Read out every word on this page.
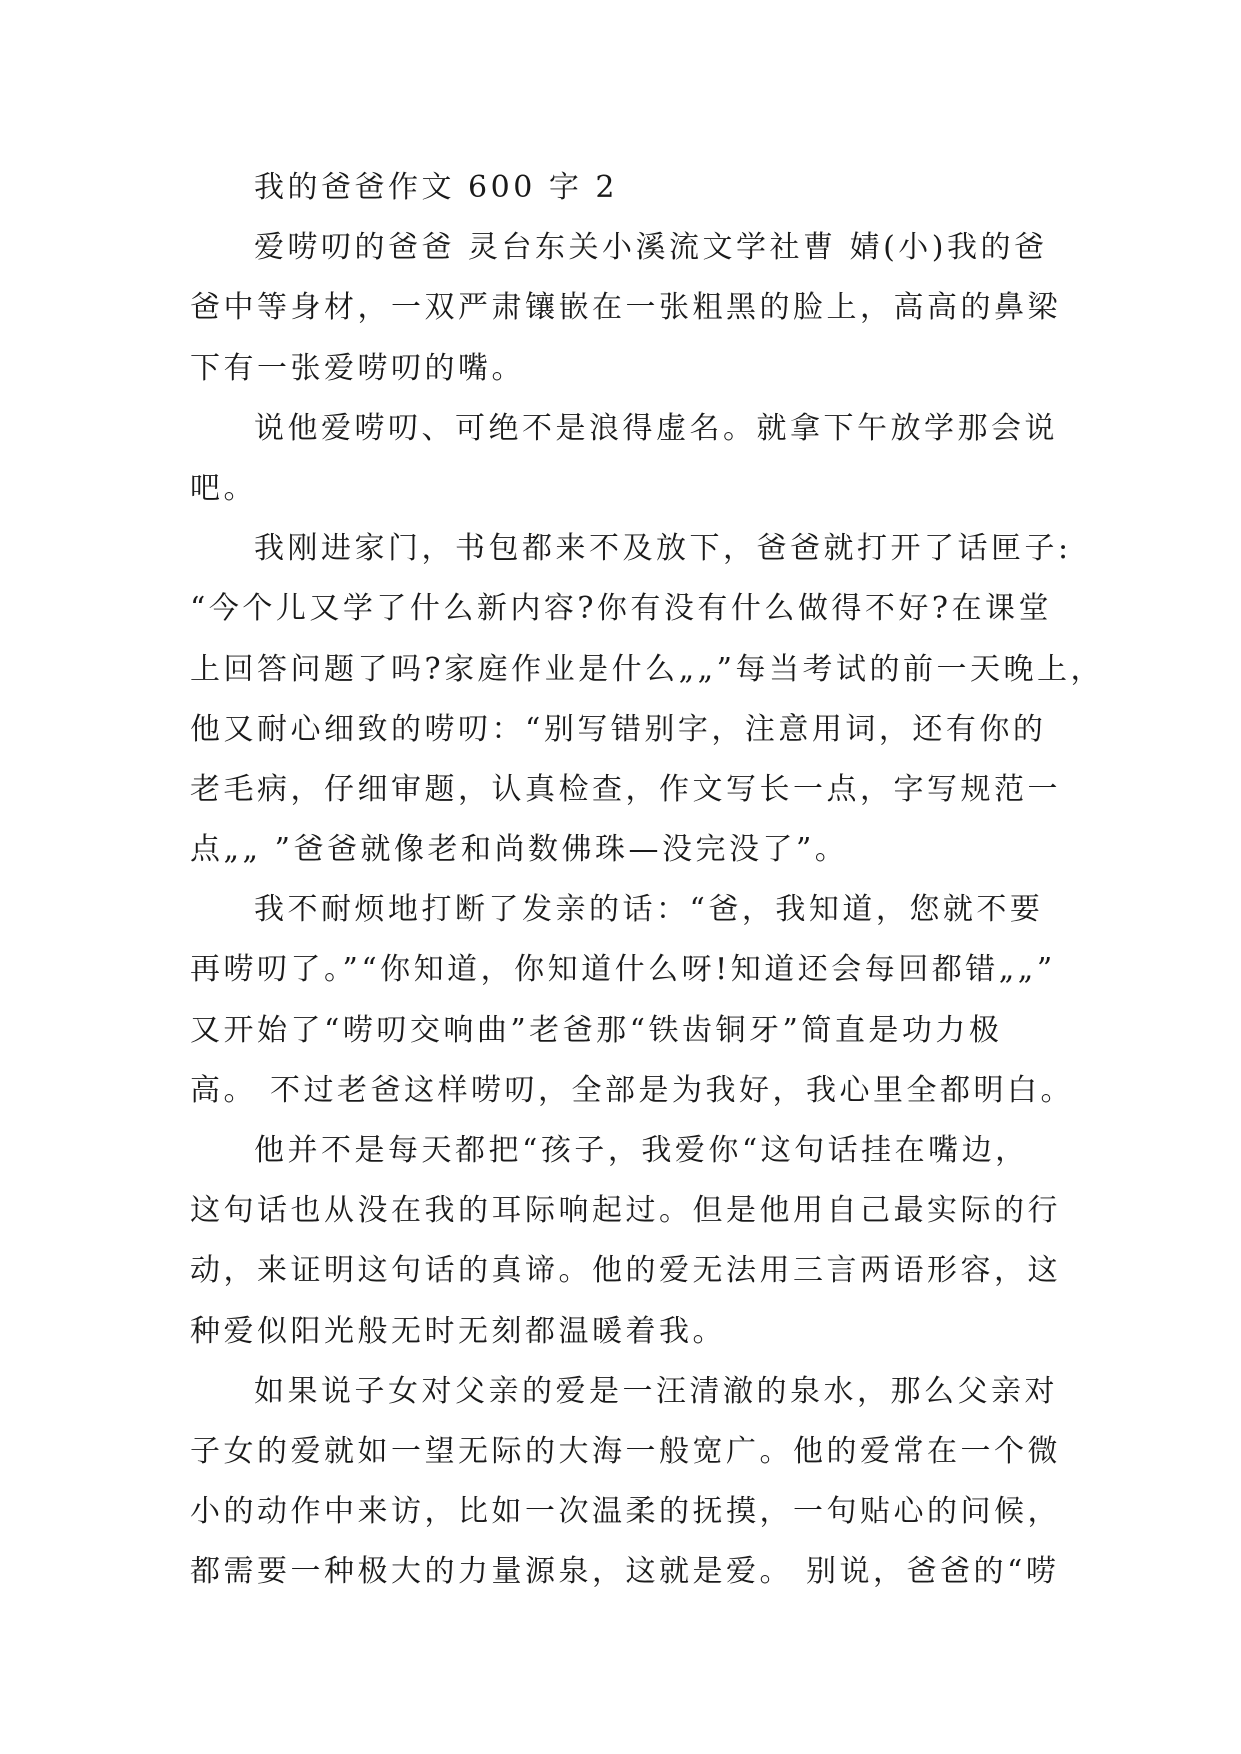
我的爸爸作文 600 字 2
爱唠叨的爸爸 灵台东关小溪流文学社曹 婧(小)我的爸
爸中等身材，一双严肃镶嵌在一张粗黑的脸上，高高的鼻梁
下有一张爱唠叨的嘴。
说他爱唠叨、可绝不是浪得虚名。就拿下午放学那会说
吧。
我刚进家门，书包都来不及放下，爸爸就打开了话匣子:
“今个儿又学了什么新内容?你有没有什么做得不好?在课堂
上回答问题了吗?家庭作业是什么„„”每当考试的前一天晚上，
他又耐心细致的唠叨：“别写错别字，注意用词，还有你的
老毛病，仔细审题，认真检查，作文写长一点，字写规范一
点„„ ”爸爸就像老和尚数佛珠—没完没了”。
我不耐烦地打断了发亲的话：“爸，我知道，您就不要
再唠叨了。”“你知道，你知道什么呀!知道还会每回都错„„”
又开始了“唠叨交响曲”老爸那“铁齿铜牙”简直是功力极
高。 不过老爸这样唠叨，全部是为我好，我心里全都明白。
他并不是每天都把“孩子，我爱你“这句话挂在嘴边，
这句话也从没在我的耳际响起过。但是他用自己最实际的行
动，来证明这句话的真谛。他的爱无法用三言两语形容，这
种爱似阳光般无时无刻都温暖着我。
如果说子女对父亲的爱是一汪清澈的泉水，那么父亲对
子女的爱就如一望无际的大海一般宽广。他的爱常在一个微
小的动作中来访，比如一次温柔的抚摸，一句贴心的问候，
都需要一种极大的力量源泉，这就是爱。 别说，爸爸的“唠
